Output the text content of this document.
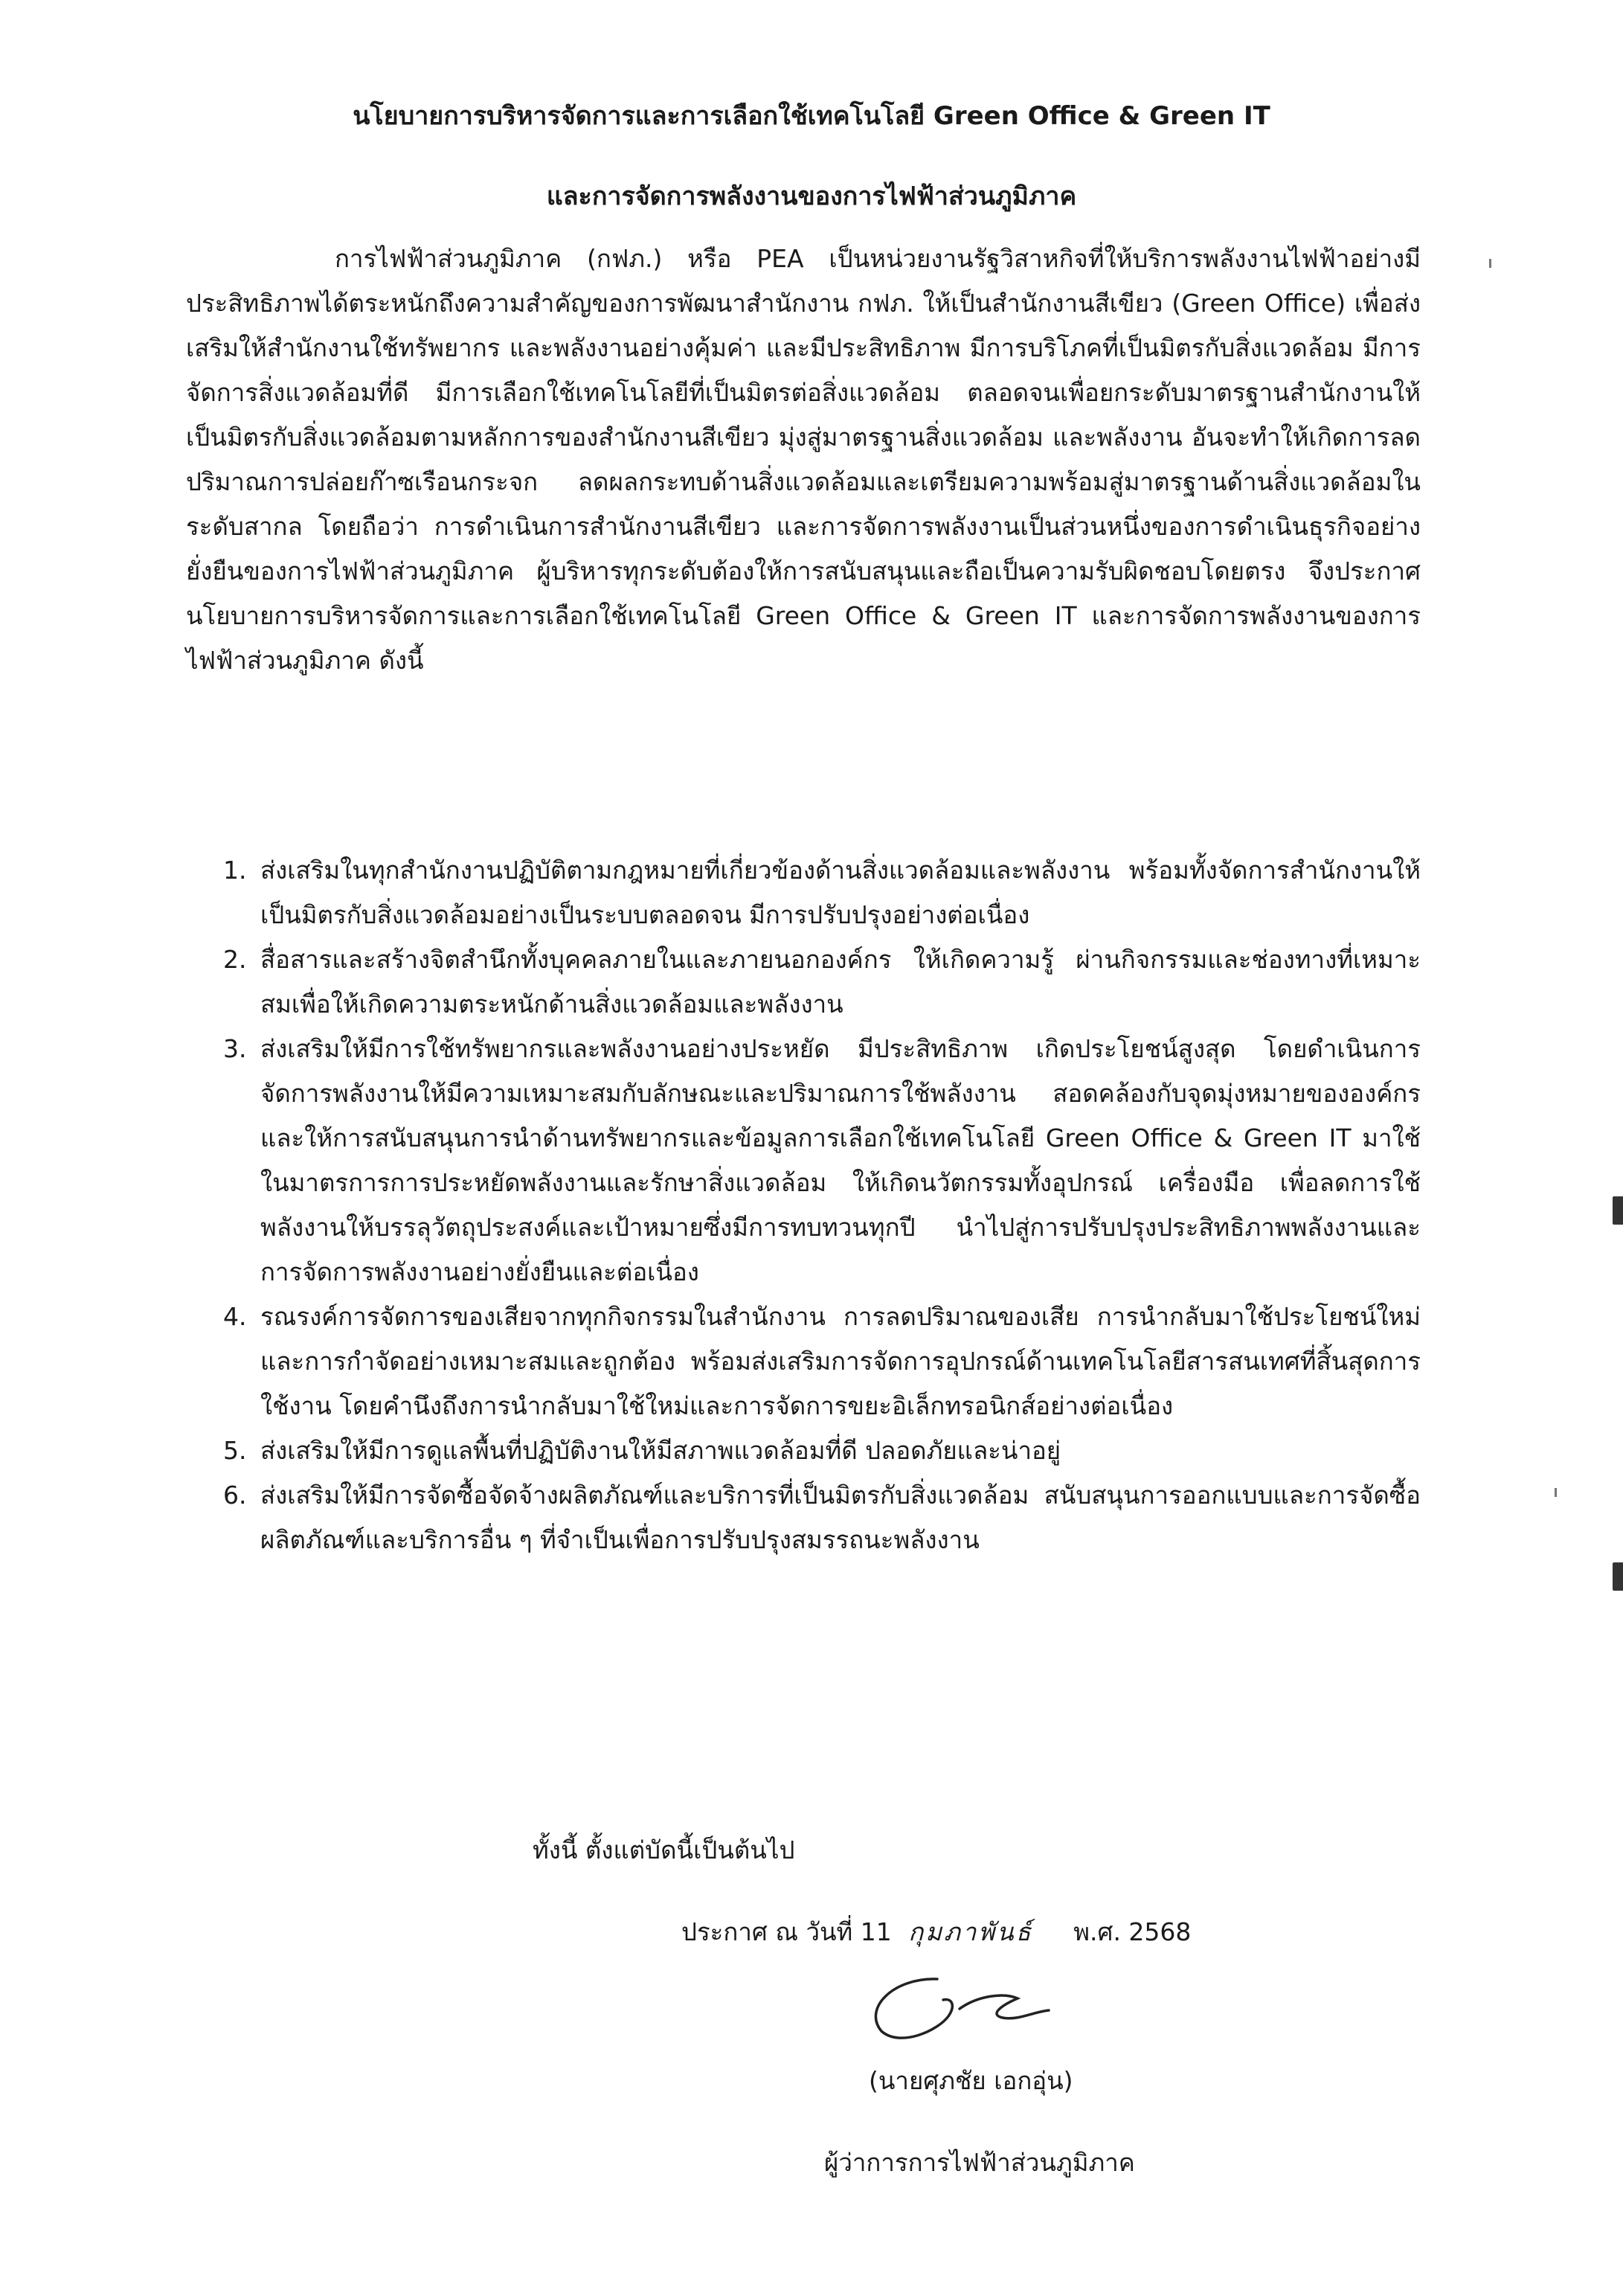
นโยบายการบริหารจัดการและการเลือกใช้เทคโนโลยี Green Office & Green IT
และการจัดการพลังงานของการไฟฟ้าส่วนภูมิภาค
การไฟฟ้าส่วนภูมิภาค (กฟภ.) หรือ PEA เป็นหน่วยงานรัฐวิสาหกิจที่ให้บริการพลังงานไฟฟ้าอย่างมีประสิทธิภาพได้ตระหนักถึงความสำคัญของการพัฒนาสำนักงาน กฟภ. ให้เป็นสำนักงานสีเขียว (Green Office) เพื่อส่งเสริมให้สำนักงานใช้ทรัพยากร และพลังงานอย่างคุ้มค่า และมีประสิทธิภาพ มีการบริโภคที่เป็นมิตรกับสิ่งแวดล้อม มีการจัดการสิ่งแวดล้อมที่ดี มีการเลือกใช้เทคโนโลยีที่เป็นมิตรต่อสิ่งแวดล้อม ตลอดจนเพื่อยกระดับมาตรฐานสำนักงานให้เป็นมิตรกับสิ่งแวดล้อมตามหลักการของสำนักงานสีเขียว มุ่งสู่มาตรฐานสิ่งแวดล้อม และพลังงาน อันจะทำให้เกิดการลดปริมาณการปล่อยก๊าซเรือนกระจก ลดผลกระทบด้านสิ่งแวดล้อมและเตรียมความพร้อมสู่มาตรฐานด้านสิ่งแวดล้อมในระดับสากล โดยถือว่า การดำเนินการสำนักงานสีเขียว และการจัดการพลังงานเป็นส่วนหนึ่งของการดำเนินธุรกิจอย่างยั่งยืนของการไฟฟ้าส่วนภูมิภาค ผู้บริหารทุกระดับต้องให้การสนับสนุนและถือเป็นความรับผิดชอบโดยตรง จึงประกาศนโยบายการบริหารจัดการและการเลือกใช้เทคโนโลยี Green Office & Green IT และการจัดการพลังงานของการไฟฟ้าส่วนภูมิภาค ดังนี้
1. ส่งเสริมในทุกสำนักงานปฏิบัติตามกฎหมายที่เกี่ยวข้องด้านสิ่งแวดล้อมและพลังงาน พร้อมทั้งจัดการสำนักงานให้เป็นมิตรกับสิ่งแวดล้อมอย่างเป็นระบบตลอดจน มีการปรับปรุงอย่างต่อเนื่อง
2. สื่อสารและสร้างจิตสำนึกทั้งบุคคลภายในและภายนอกองค์กร ให้เกิดความรู้ ผ่านกิจกรรมและช่องทางที่เหมาะสมเพื่อให้เกิดความตระหนักด้านสิ่งแวดล้อมและพลังงาน
3. ส่งเสริมให้มีการใช้ทรัพยากรและพลังงานอย่างประหยัด มีประสิทธิภาพ เกิดประโยชน์สูงสุด โดยดำเนินการจัดการพลังงานให้มีความเหมาะสมกับลักษณะและปริมาณการใช้พลังงาน สอดคล้องกับจุดมุ่งหมายขององค์กรและให้การสนับสนุนการนำด้านทรัพยากรและข้อมูลการเลือกใช้เทคโนโลยี Green Office & Green IT มาใช้ในมาตรการการประหยัดพลังงานและรักษาสิ่งแวดล้อม ให้เกิดนวัตกรรมทั้งอุปกรณ์ เครื่องมือ เพื่อลดการใช้พลังงานให้บรรลุวัตถุประสงค์และเป้าหมายซึ่งมีการทบทวนทุกปี นำไปสู่การปรับปรุงประสิทธิภาพพลังงานและการจัดการพลังงานอย่างยั่งยืนและต่อเนื่อง
4. รณรงค์การจัดการของเสียจากทุกกิจกรรมในสำนักงาน การลดปริมาณของเสีย การนำกลับมาใช้ประโยชน์ใหม่และการกำจัดอย่างเหมาะสมและถูกต้อง พร้อมส่งเสริมการจัดการอุปกรณ์ด้านเทคโนโลยีสารสนเทศที่สิ้นสุดการใช้งาน โดยคำนึงถึงการนำกลับมาใช้ใหม่และการจัดการขยะอิเล็กทรอนิกส์อย่างต่อเนื่อง
5. ส่งเสริมให้มีการดูแลพื้นที่ปฏิบัติงานให้มีสภาพแวดล้อมที่ดี ปลอดภัยและน่าอยู่
6. ส่งเสริมให้มีการจัดซื้อจัดจ้างผลิตภัณฑ์และบริการที่เป็นมิตรกับสิ่งแวดล้อม สนับสนุนการออกแบบและการจัดซื้อผลิตภัณฑ์และบริการอื่น ๆ ที่จำเป็นเพื่อการปรับปรุงสมรรถนะพลังงาน
ทั้งนี้ ตั้งแต่บัดนี้เป็นต้นไป
ประกาศ ณ วันที่ 11 กุมภาพันธ์ พ.ศ. 2568
(นายศุภชัย เอกอุ่น)
ผู้ว่าการการไฟฟ้าส่วนภูมิภาค
